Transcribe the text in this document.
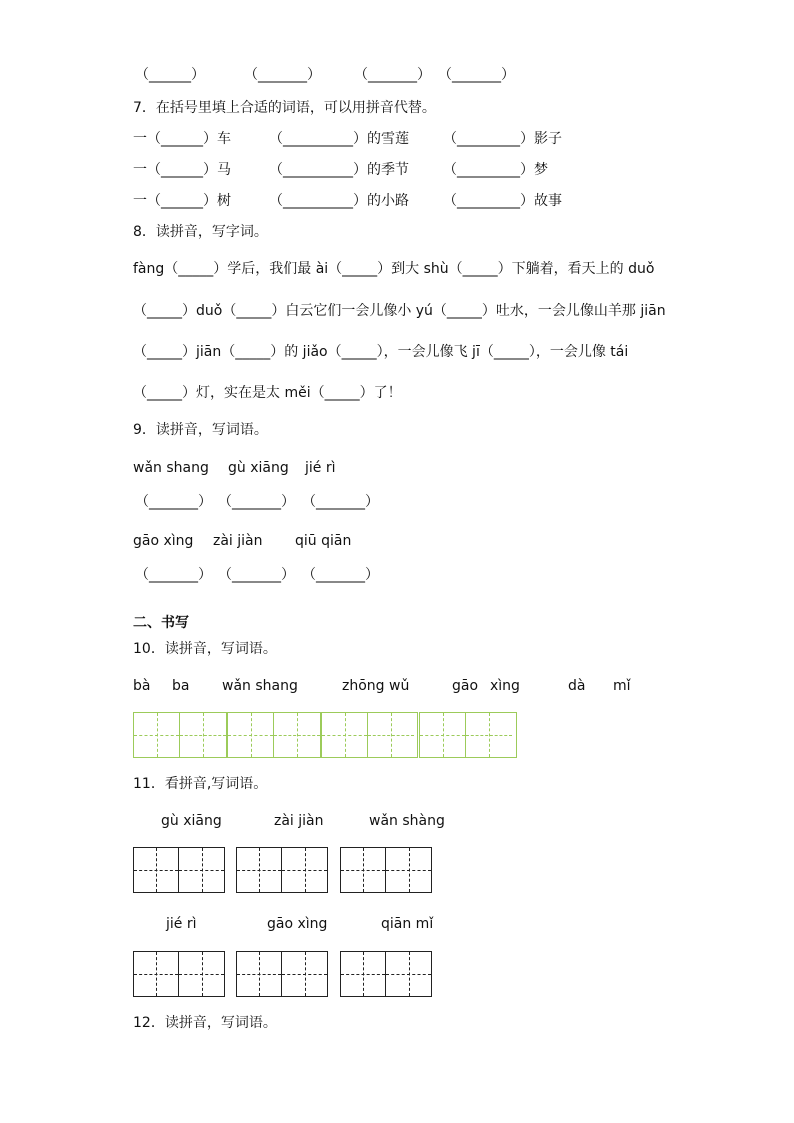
（______）	（_______） （_______） （_______）
7．在括号里填上合适的词语，可以用拼音代替。
一（______）车	（__________）的雪莲 （_________）影子
一（______）马	（__________）的季节 （_________）梦
一（______）树	（__________）的小路 （_________）故事
8．读拼音，写字词。
fàng（_____）学后，我们最 ài（_____）到大 shù（_____）下躺着，看天上的 duǒ
（_____）duǒ（_____）白云它们一会儿像小 yú（_____）吐水，一会儿像山羊那 jiān
（_____）jiān（_____）的 jiǎo（_____），一会儿像飞 jī（_____），一会儿像 tái
（_____）灯，实在是太 měi（_____）了！
9．读拼音，写词语。
wǎn shang gù xiāng jié rì
（_______） （_______） （_______）
gāo xìng zài jiàn qiū qiān
（_______） （_______） （_______）
二、书写
10．读拼音，写词语。
bà ba wǎn shang	zhōng wǔ	gāo xìng	dà mǐ
11．看拼音,写词语。
gù xiāng	zài jiàn	wǎn shàng
jié rì	gāo xìng	qiān mǐ
12．读拼音，写词语。
